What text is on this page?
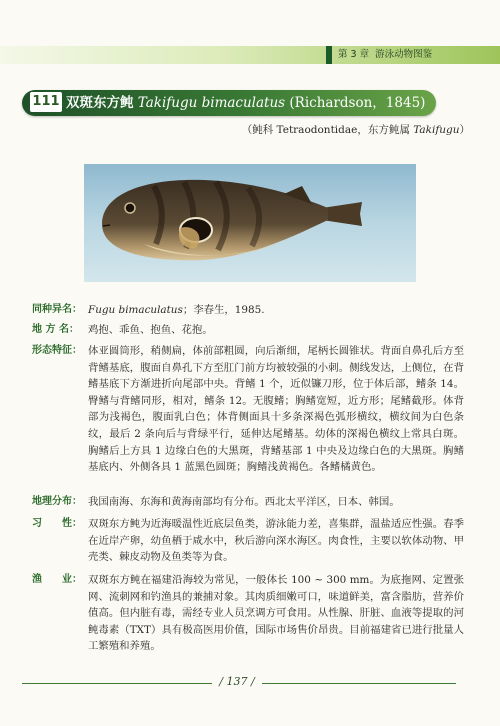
第 3 章 游泳动物图鉴
111 双斑东方鲀 Takifugu bimaculatus (Richardson，1845)
（鲀科 Tetraodontidae，东方鲀属 Takifugu）
同种异名： Fugu bimaculatus；李春生，1985.
地 方 名： 鸡抱、乖鱼、抱鱼、花抱。
形态特征： 体亚圆筒形，稍侧扁，体前部粗圆，向后渐细，尾柄长圆锥状。背面自鼻孔后方至背鳍基底，腹面自鼻孔下方至肛门前方均被较强的小刺。侧线发达，上侧位，在背鳍基底下方渐进折向尾部中央。背鳍 1 个，近似镰刀形，位于体后部，鳍条 14。臀鳍与背鳍同形，相对，鳍条 12。无腹鳍；胸鳍宽短，近方形；尾鳍截形。体背部为浅褐色，腹面乳白色；体背侧面具十多条深褐色弧形横纹，横纹间为白色条纹，最后 2 条向后与背绿平行，延伸达尾鳍基。幼体的深褐色横纹上常具白斑。胸鳍后上方具 1 边缘白色的大黑斑，背鳍基部 1 中央及边缘白色的大黑斑。胸鳍基底内、外侧各具 1 蓝黑色圆斑；胸鳍浅黄褐色。各鳍橘黄色。
地理分布： 我国南海、东海和黄海南部均有分布。西北太平洋区，日本、韩国。
习　　性： 双斑东方鲀为近海暖温性近底层鱼类，游泳能力差，喜集群，温盐适应性强。春季在近岸产卵，幼鱼栖于咸水中，秋后游向深水海区。肉食性，主要以软体动物、甲壳类、棘皮动物及鱼类等为食。
渔　　业： 双斑东方鲀在福建沿海较为常见，一般体长 100 ~ 300 mm。为底拖网、定置张网、流刺网和钓渔具的兼捕对象。其肉质细嫩可口，味道鲜美，富含脂肪，营养价值高。但内脏有毒，需经专业人员烹调方可食用。从性腺、肝脏、血液等提取的河鲀毒素（TXT）具有极高医用价值，国际市场售价昂贵。目前福建省已进行批量人工繁殖和养殖。
/ 137 /
